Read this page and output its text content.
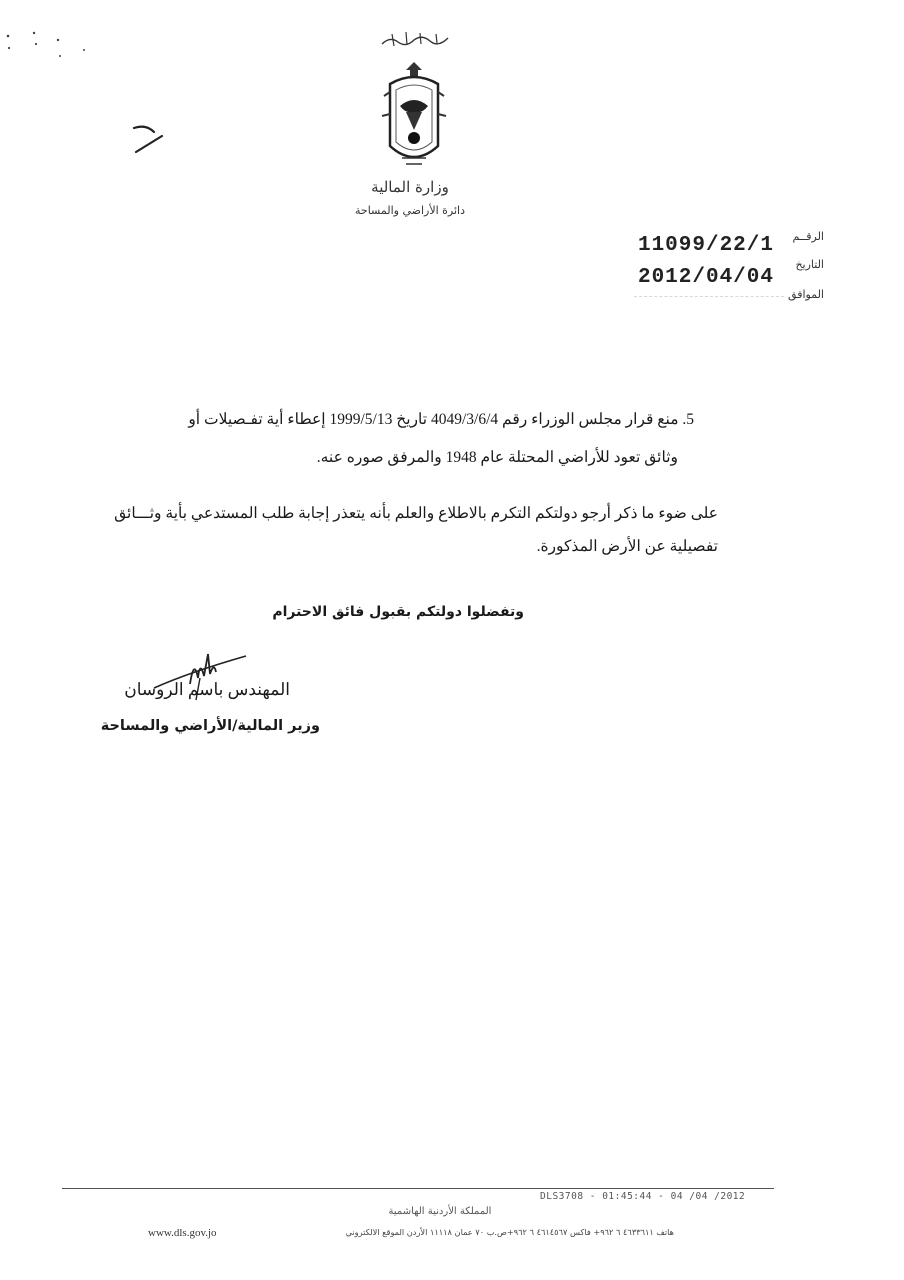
وزارة المالية
دائرة الأراضي والمساحة
الرقــم
التاريخ
الموافق
11099/22/1
2012/04/04
5. منع قرار مجلس الوزراء رقم 4049/3/6/4 تاريخ 1999/5/13 إعطاء أية تفـصيلات أو
وثائق تعود للأراضي المحتلة عام 1948 والمرفق صوره عنه.
على ضوء ما ذكر أرجو دولتكم التكرم بالاطلاع والعلم بأنه يتعذر إجابة طلب المستدعي بأية وثـــائق
تفصيلية عن الأرض المذكورة.
وتفضلوا دولتكم بقبول فائق الاحترام
المهندس باسم الروسان
وزير المالية/الأراضي والمساحة
DLS3708 - 01:45:44 - 04 /04 /2012
المملكة الأردنية الهاشمية
www.dls.gov.jo	هاتف ٤٦٣٣٦١١ ٦ ٩٦٢+ فاكس ٤٦١٤٥٦٧ ٦ ٩٦٢+ص.ب ٧٠ عمان ١١١١٨ الأردن الموقع الالكتروني
